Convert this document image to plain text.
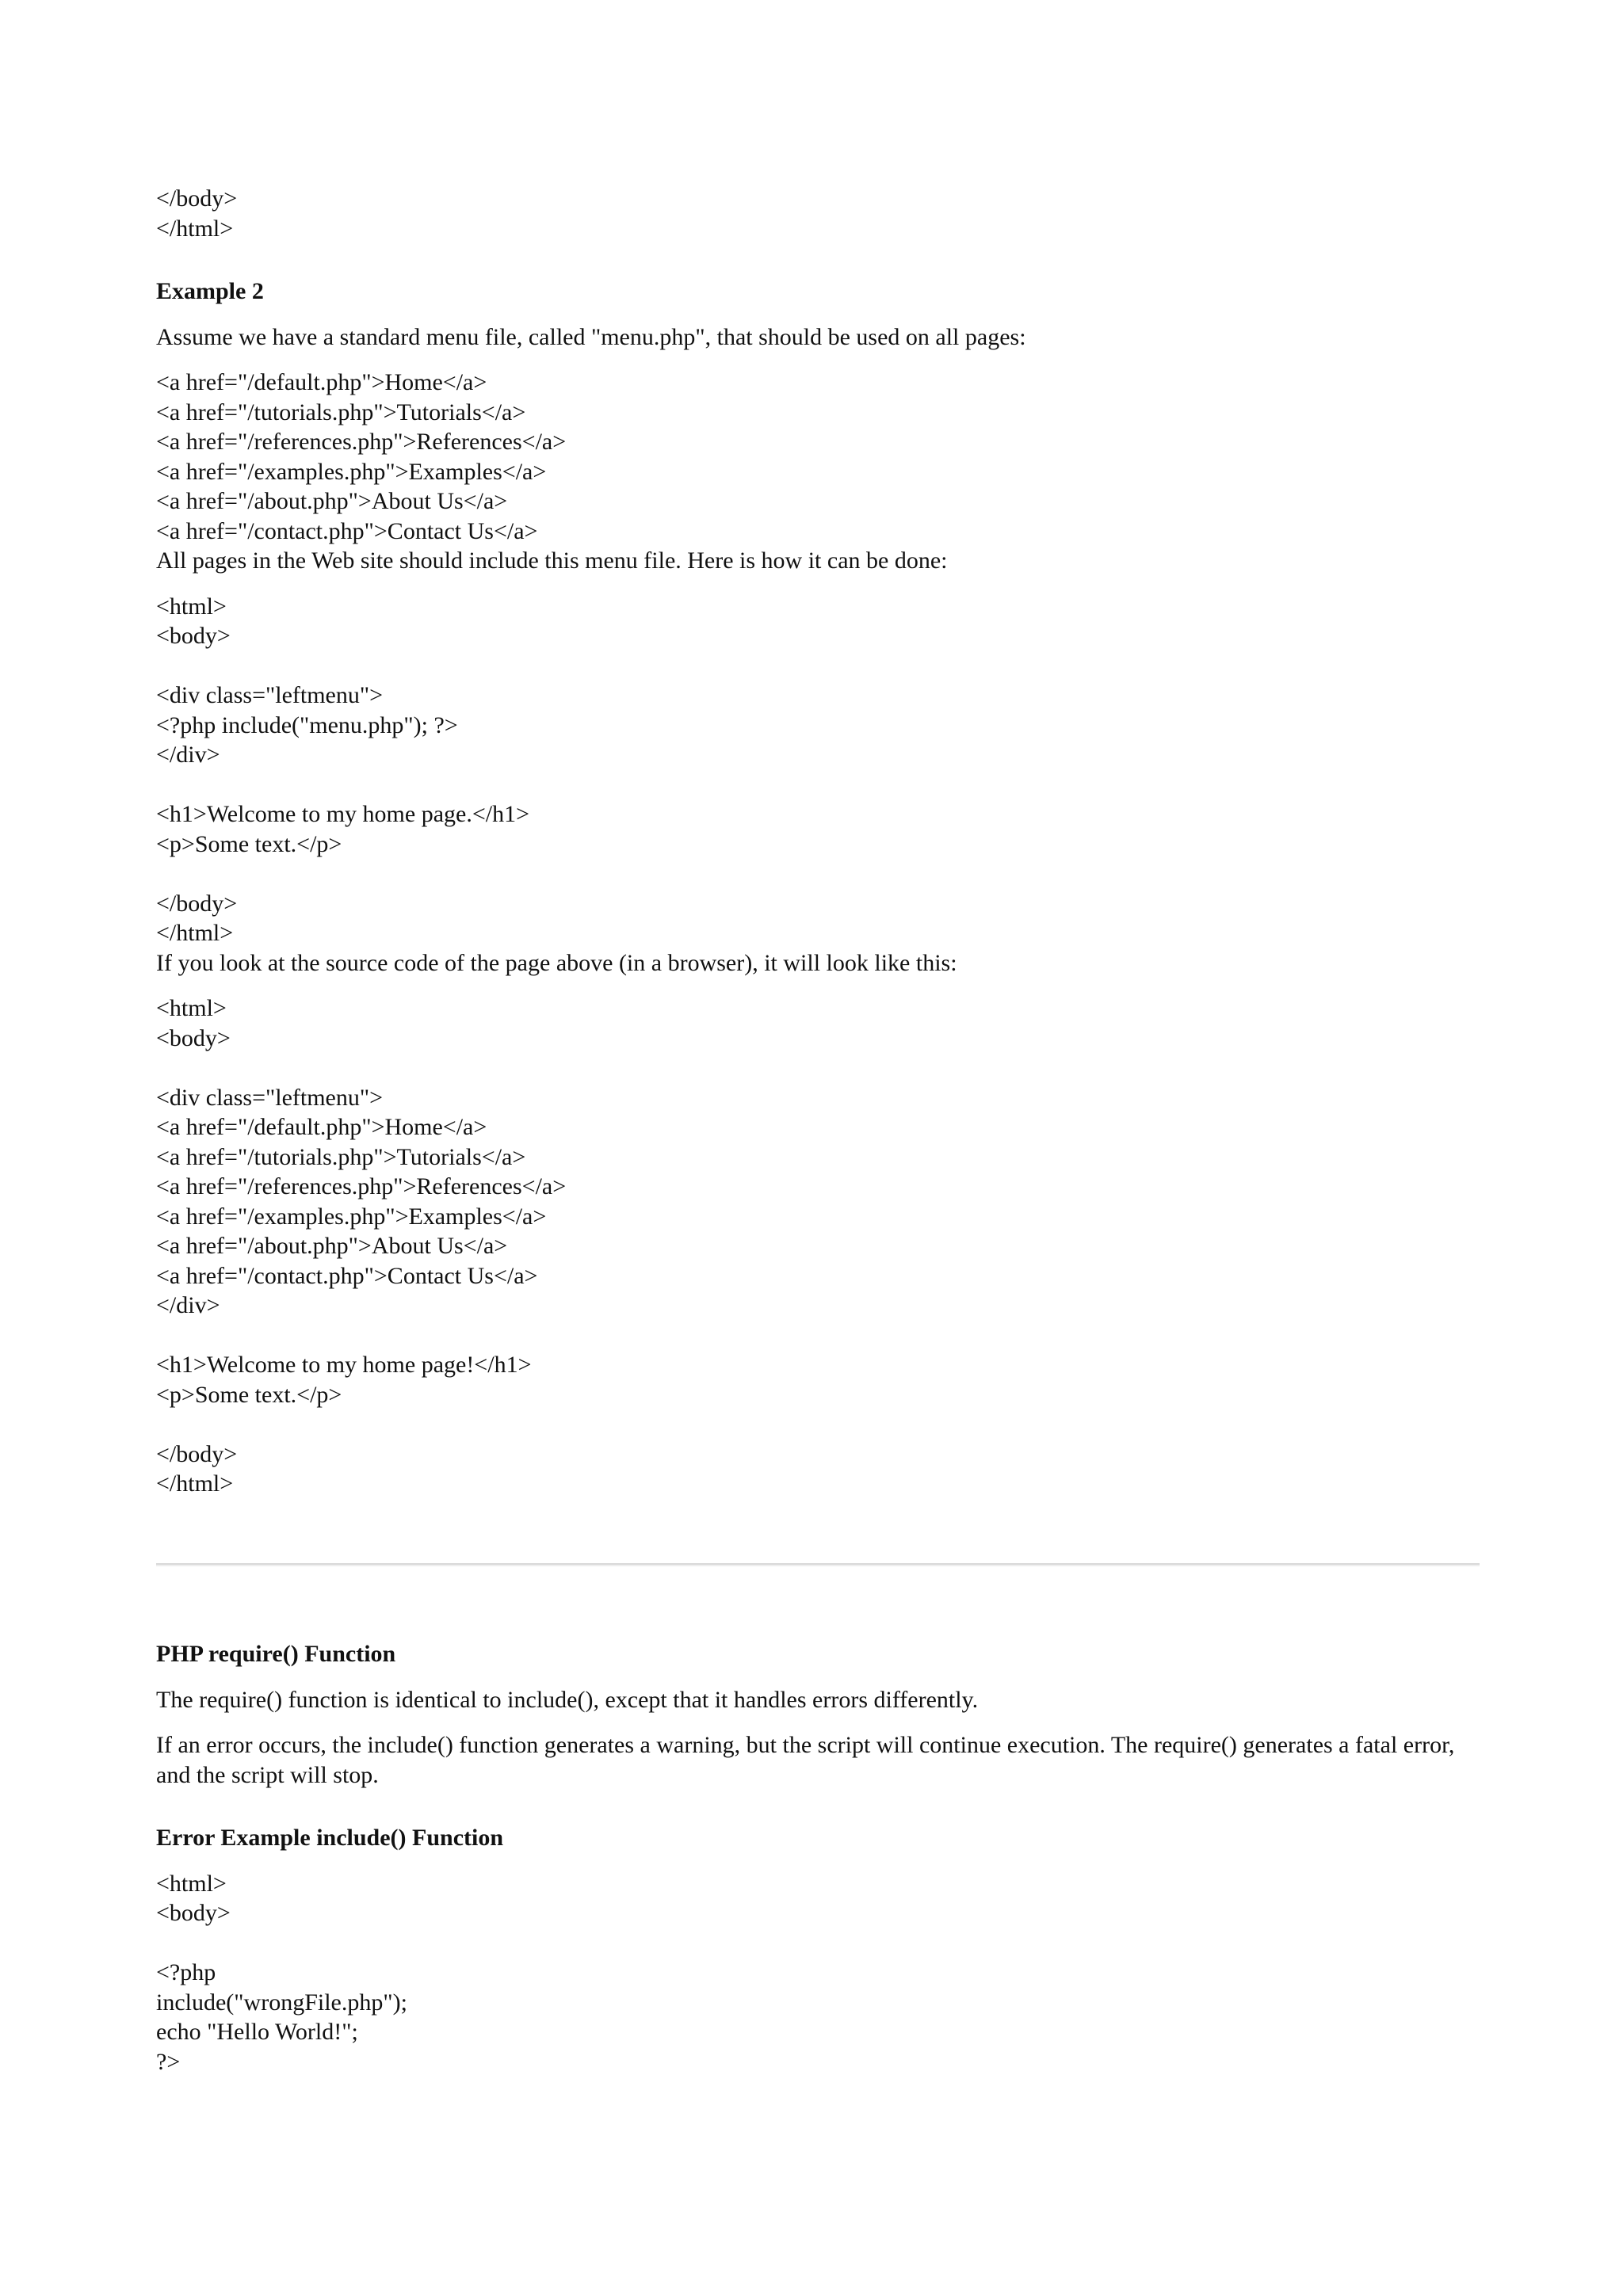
</body>
</html>
Example 2
Assume we have a standard menu file, called "menu.php", that should be used on all pages:
<a href="/default.php">Home</a>
<a href="/tutorials.php">Tutorials</a>
<a href="/references.php">References</a>
<a href="/examples.php">Examples</a>
<a href="/about.php">About Us</a>
<a href="/contact.php">Contact Us</a>
All pages in the Web site should include this menu file. Here is how it can be done:
<html>
<body>

<div class="leftmenu">
<?php include("menu.php"); ?>
</div>

<h1>Welcome to my home page.</h1>
<p>Some text.</p>

</body>
</html>
If you look at the source code of the page above (in a browser), it will look like this:
<html>
<body>

<div class="leftmenu">
<a href="/default.php">Home</a>
<a href="/tutorials.php">Tutorials</a>
<a href="/references.php">References</a>
<a href="/examples.php">Examples</a>
<a href="/about.php">About Us</a>
<a href="/contact.php">Contact Us</a>
</div>

<h1>Welcome to my home page!</h1>
<p>Some text.</p>

</body>
</html>
PHP require() Function
The require() function is identical to include(), except that it handles errors differently.
If an error occurs, the include() function generates a warning, but the script will continue execution. The require() generates a fatal error, and the script will stop.
Error Example include() Function
<html>
<body>

<?php
include("wrongFile.php");
echo "Hello World!";
?>
